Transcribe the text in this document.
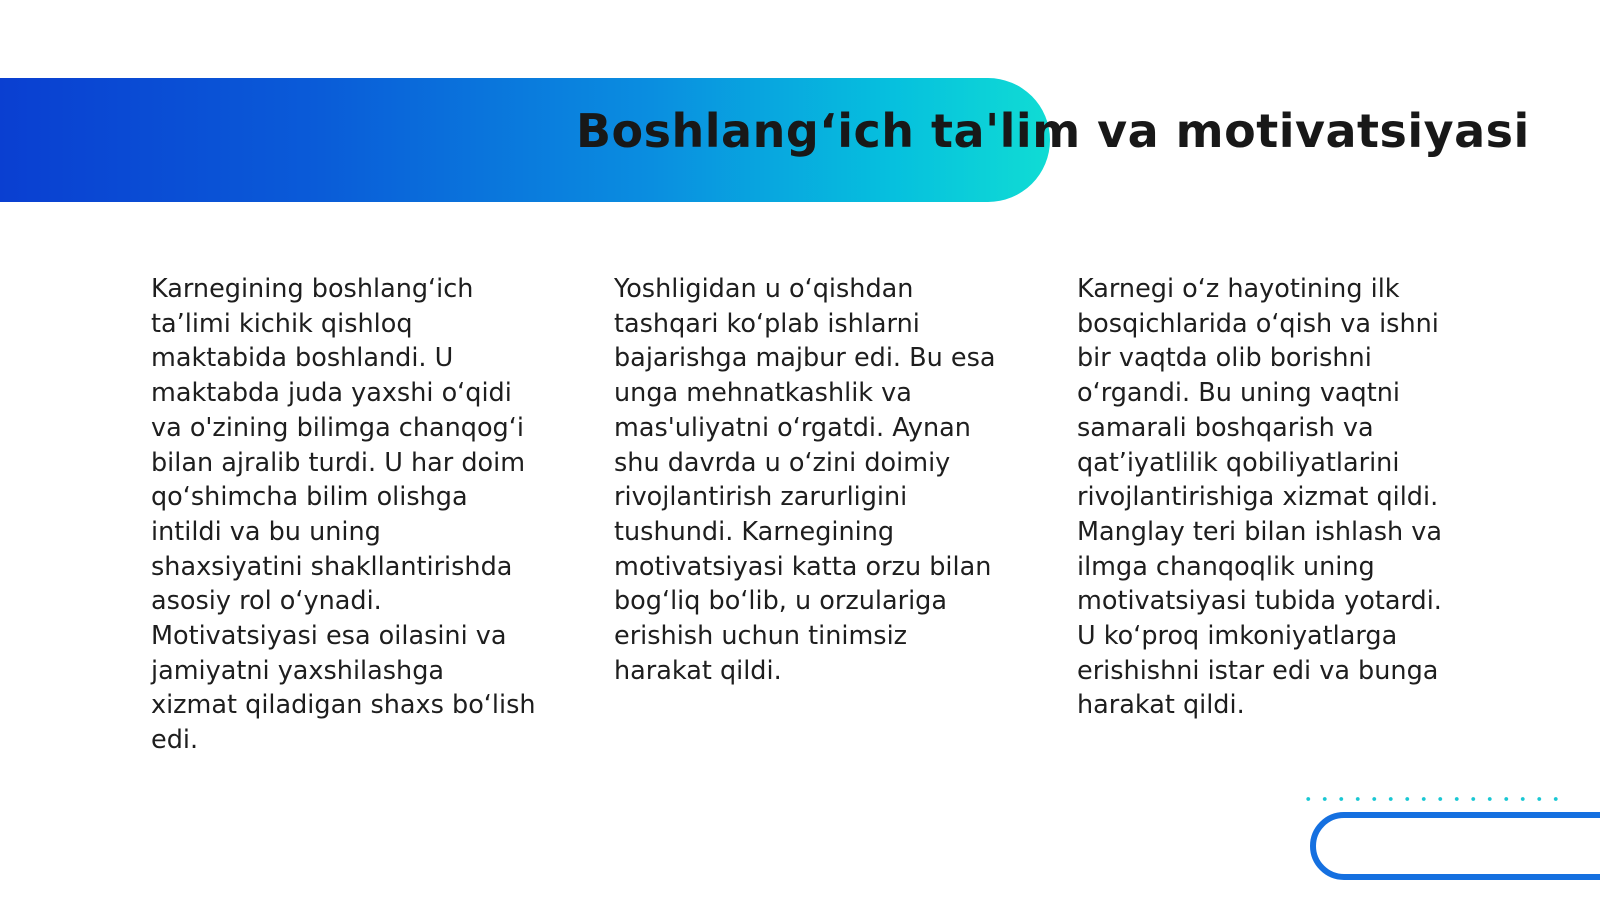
Boshlang‘ich ta'lim va motivatsiyasi

Karnegining boshlang‘ich ta’limi kichik qishloq maktabida boshlandi. U maktabda juda yaxshi o‘qidi va o'zining bilimga chanqog‘i bilan ajralib turdi. U har doim qo‘shimcha bilim olishga intildi va bu uning shaxsiyatini shakllantirishda asosiy rol o‘ynadi. Motivatsiyasi esa oilasini va jamiyatni yaxshilashga xizmat qiladigan shaxs bo‘lish edi.

Yoshligidan u o‘qishdan tashqari ko‘plab ishlarni bajarishga majbur edi. Bu esa unga mehnatkashlik va mas'uliyatni o‘rgatdi. Aynan shu davrda u o‘zini doimiy rivojlantirish zarurligini tushundi. Karnegining motivatsiyasi katta orzu bilan bog‘liq bo‘lib, u orzulariga erishish uchun tinimsiz harakat qildi.

Karnegi o‘z hayotining ilk bosqichlarida o‘qish va ishni bir vaqtda olib borishni o‘rgandi. Bu uning vaqtni samarali boshqarish va qat’iyatlilik qobiliyatlarini rivojlantirishiga xizmat qildi. Manglay teri bilan ishlash va ilmga chanqoqlik uning motivatsiyasi tubida yotardi. U ko‘proq imkoniyatlarga erishishni istar edi va bunga harakat qildi.
